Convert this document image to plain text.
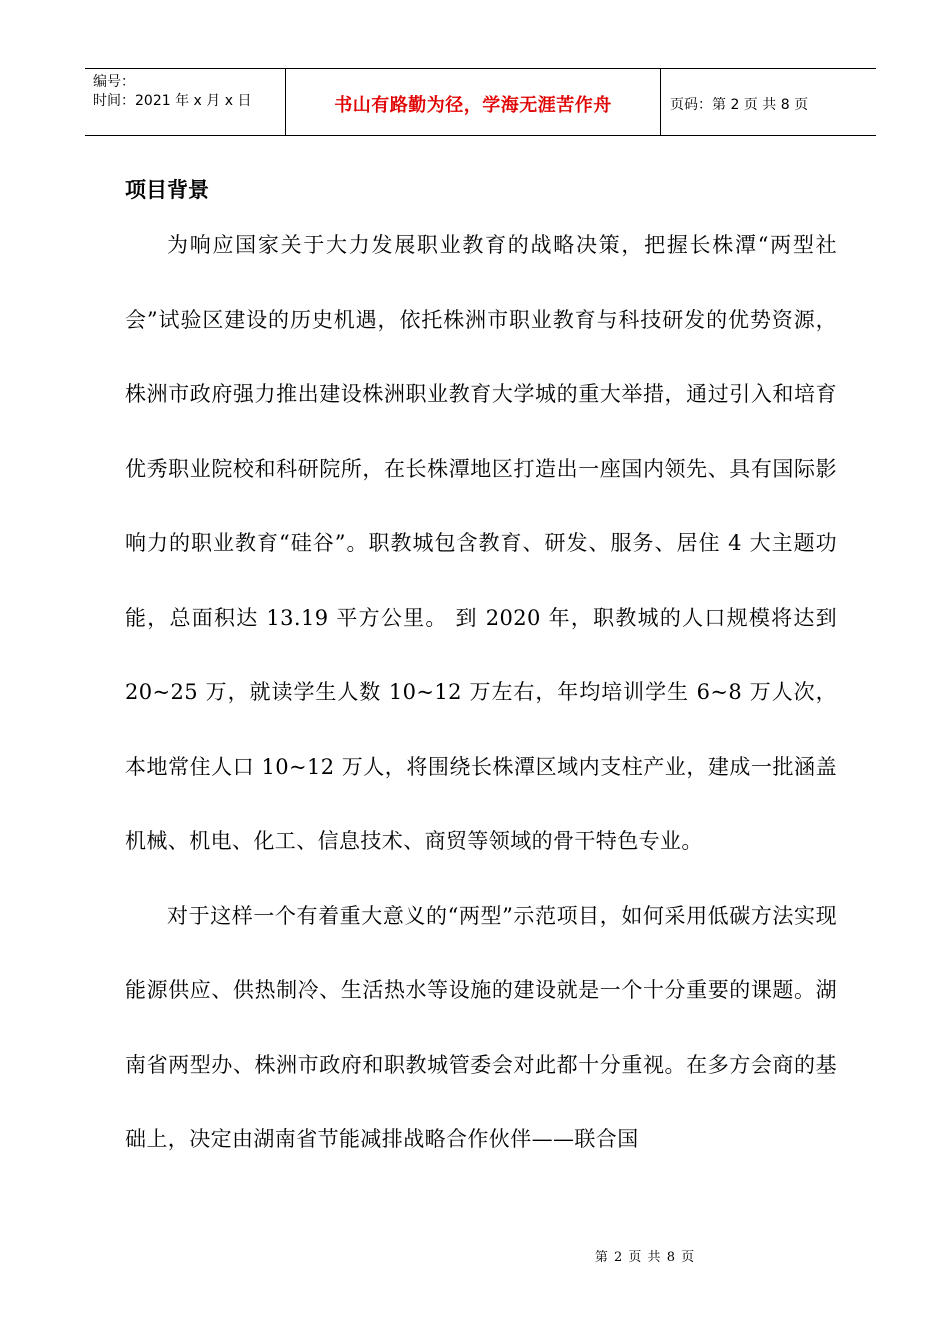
编号：
时间：2021 年 x 月 x 日	书山有路勤为径，学海无涯苦作舟	页码：第 2 页 共 8 页
项目背景

为响应国家关于大力发展职业教育的战略决策，把握长株潭“两型社会”试验区建设的历史机遇，依托株洲市职业教育与科技研发的优势资源，株洲市政府强力推出建设株洲职业教育大学城的重大举措，通过引入和培育优秀职业院校和科研院所，在长株潭地区打造出一座国内领先、具有国际影响力的职业教育“硅谷”。职教城包含教育、研发、服务、居住 4 大主题功能，总面积达 13.19 平方公里。 到 2020 年，职教城的人口规模将达到 20~25 万，就读学生人数 10~12 万左右，年均培训学生 6~8 万人次，本地常住人口 10~12 万人，将围绕长株潭区域内支柱产业，建成一批涵盖机械、机电、化工、信息技术、商贸等领域的骨干特色专业。

对于这样一个有着重大意义的“两型”示范项目，如何采用低碳方法实现能源供应、供热制冷、生活热水等设施的建设就是一个十分重要的课题。湖南省两型办、株洲市政府和职教城管委会对此都十分重视。在多方会商的基础上，决定由湖南省节能减排战略合作伙伴——联合国

第 2 页 共 8 页
